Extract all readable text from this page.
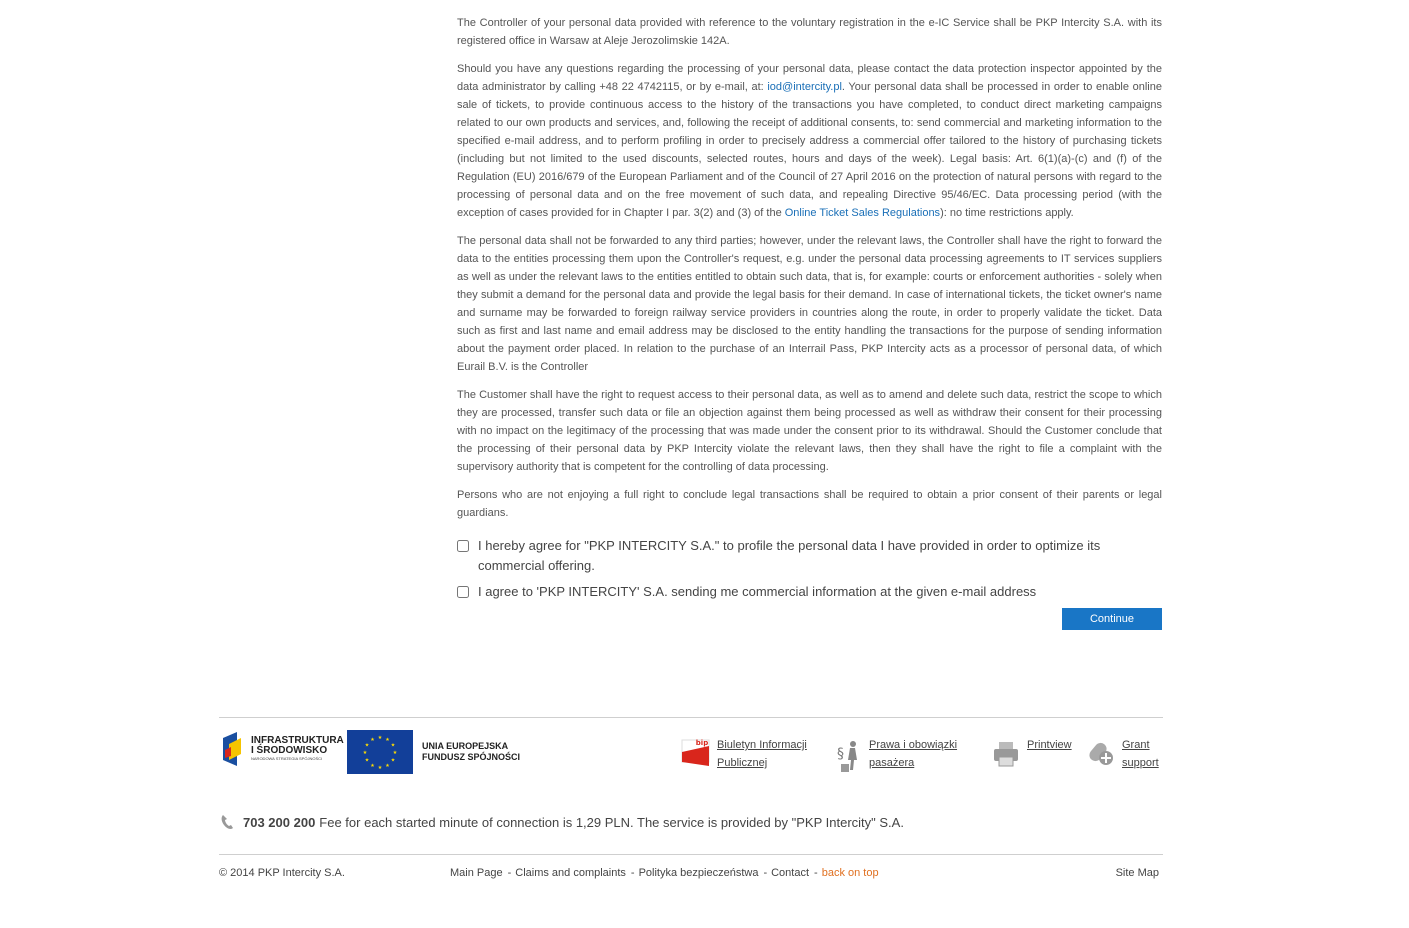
The Controller of your personal data provided with reference to the voluntary registration in the e-IC Service shall be PKP Intercity S.A. with its registered office in Warsaw at Aleje Jerozolimskie 142A.

Should you have any questions regarding the processing of your personal data, please contact the data protection inspector appointed by the data administrator by calling +48 22 4742115, or by e-mail, at: iod@intercity.pl. Your personal data shall be processed in order to enable online sale of tickets, to provide continuous access to the history of the transactions you have completed, to conduct direct marketing campaigns related to our own products and services, and, following the receipt of additional consents, to: send commercial and marketing information to the specified e-mail address, and to perform profiling in order to precisely address a commercial offer tailored to the history of purchasing tickets (including but not limited to the used discounts, selected routes, hours and days of the week). Legal basis: Art. 6(1)(a)-(c) and (f) of the Regulation (EU) 2016/679 of the European Parliament and of the Council of 27 April 2016 on the protection of natural persons with regard to the processing of personal data and on the free movement of such data, and repealing Directive 95/46/EC. Data processing period (with the exception of cases provided for in Chapter I par. 3(2) and (3) of the Online Ticket Sales Regulations): no time restrictions apply.

The personal data shall not be forwarded to any third parties; however, under the relevant laws, the Controller shall have the right to forward the data to the entities processing them upon the Controller's request, e.g. under the personal data processing agreements to IT services suppliers as well as under the relevant laws to the entities entitled to obtain such data, that is, for example: courts or enforcement authorities - solely when they submit a demand for the personal data and provide the legal basis for their demand. In case of international tickets, the ticket owner's name and surname may be forwarded to foreign railway service providers in countries along the route, in order to properly validate the ticket. Data such as first and last name and email address may be disclosed to the entity handling the transactions for the purpose of sending information about the payment order placed. In relation to the purchase of an Interrail Pass, PKP Intercity acts as a processor of personal data, of which Eurail B.V. is the Controller

The Customer shall have the right to request access to their personal data, as well as to amend and delete such data, restrict the scope to which they are processed, transfer such data or file an objection against them being processed as well as withdraw their consent for their processing with no impact on the legitimacy of the processing that was made under the consent prior to its withdrawal. Should the Customer conclude that the processing of their personal data by PKP Intercity violate the relevant laws, then they shall have the right to file a complaint with the supervisory authority that is competent for the controlling of data processing.

Persons who are not enjoying a full right to conclude legal transactions shall be required to obtain a prior consent of their parents or legal guardians.

I hereby agree for "PKP INTERCITY S.A." to profile the personal data I have provided in order to optimize its commercial offering.
I agree to 'PKP INTERCITY' S.A. sending me commercial information at the given e-mail address
Continue
INFRASTRUKTURA
I ŚRODOWISKO
NARODOWA STRATEGIA SPÓJNOŚCI
★ ★
★
★
★
★
★
★
★
★
★
★
UNIA EUROPEJSKA
FUNDUSZ SPÓJNOŚCI
bip Biuletyn Informacji
Publicznej
§
Prawa i obowiązki
pasażera
Printview	Grant
support
703 200 200 Fee for each started minute of connection is 1,29 PLN. The service is provided by "PKP Intercity" S.A.
© 2014 PKP Intercity S.A.	Main Page - Claims and complaints - Polityka bezpieczeństwa - Contact - back on top	Site Map
